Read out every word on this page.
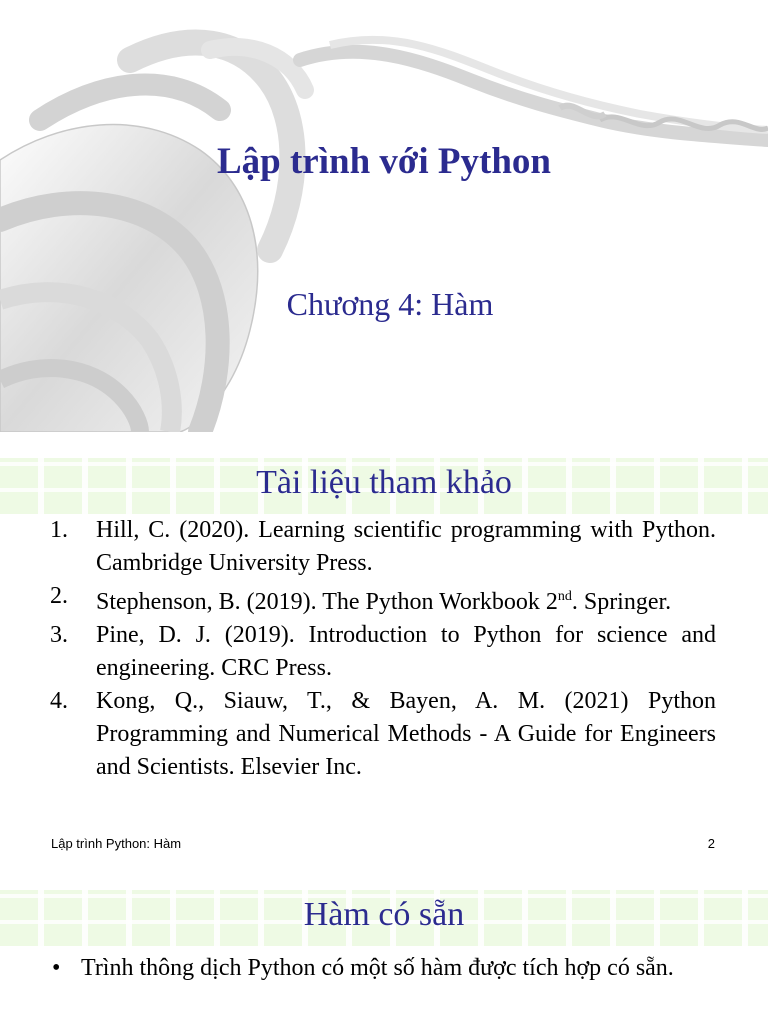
Lập trình với Python
Chương 4: Hàm
Tài liệu tham khảo
1. Hill, C. (2020). Learning scientific programming with Python. Cambridge University Press.
2. Stephenson, B. (2019). The Python Workbook 2nd. Springer.
3. Pine, D. J. (2019). Introduction to Python for science and engineering. CRC Press.
4. Kong, Q., Siauw, T., & Bayen, A. M. (2021) Python Programming and Numerical Methods - A Guide for Engineers and Scientists. Elsevier Inc.
Lập trình Python: Hàm	2
Hàm có sẵn
• Trình thông dịch Python có một số hàm được tích hợp có sẵn.
